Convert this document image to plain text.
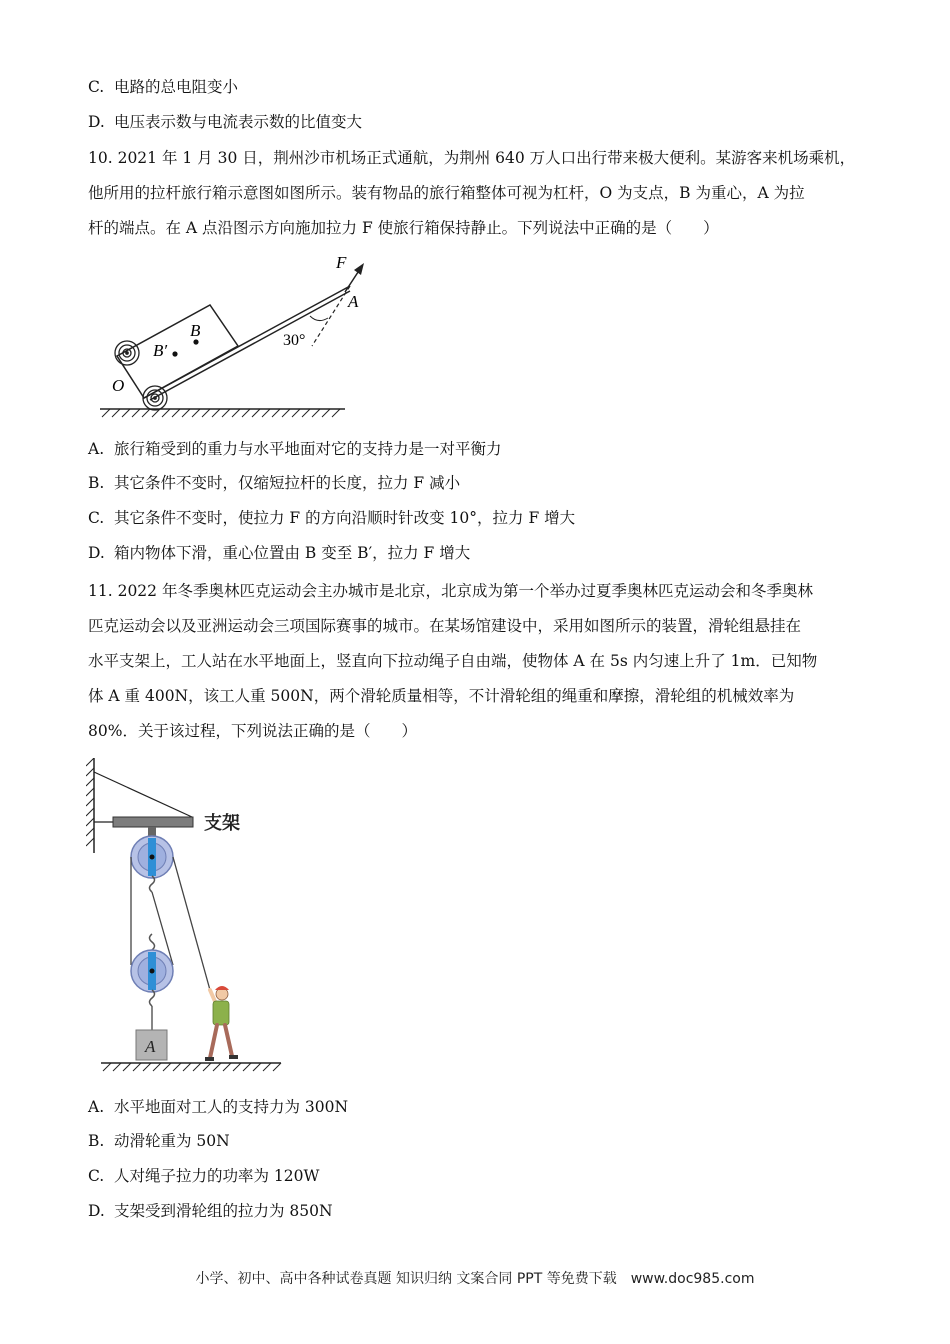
C. 电路的总电阻变小
D. 电压表示数与电流表示数的比值变大
10. 2021 年 1 月 30 日，荆州沙市机场正式通航，为荆州 640 万人口出行带来极大便利。某游客来机场乘机，
他所用的拉杆旅行箱示意图如图所示。装有物品的旅行箱整体可视为杠杆，O 为支点，B 为重心，A 为拉
杆的端点。在 A 点沿图示方向施加拉力 F 使旅行箱保持静止。下列说法中正确的是（　　）
F
A
B
B′
O
30°
A. 旅行箱受到的重力与水平地面对它的支持力是一对平衡力
B. 其它条件不变时，仅缩短拉杆的长度，拉力 F 减小
C. 其它条件不变时，使拉力 F 的方向沿顺时针改变 10°，拉力 F 增大
D. 箱内物体下滑，重心位置由 B 变至 B′，拉力 F 增大
11. 2022 年冬季奥林匹克运动会主办城市是北京，北京成为第一个举办过夏季奥林匹克运动会和冬季奥林
匹克运动会以及亚洲运动会三项国际赛事的城市。在某场馆建设中，采用如图所示的装置，滑轮组悬挂在
水平支架上，工人站在水平地面上，竖直向下拉动绳子自由端，使物体 A 在 5s 内匀速上升了 1m．已知物
体 A 重 400N，该工人重 500N，两个滑轮质量相等，不计滑轮组的绳重和摩擦，滑轮组的机械效率为
80%．关于该过程，下列说法正确的是（　　）
支架
A
A. 水平地面对工人的支持力为 300N
B. 动滑轮重为 50N
C. 人对绳子拉力的功率为 120W
D. 支架受到滑轮组的拉力为 850N
小学、初中、高中各种试卷真题 知识归纳 文案合同 PPT 等免费下载　www.doc985.com
